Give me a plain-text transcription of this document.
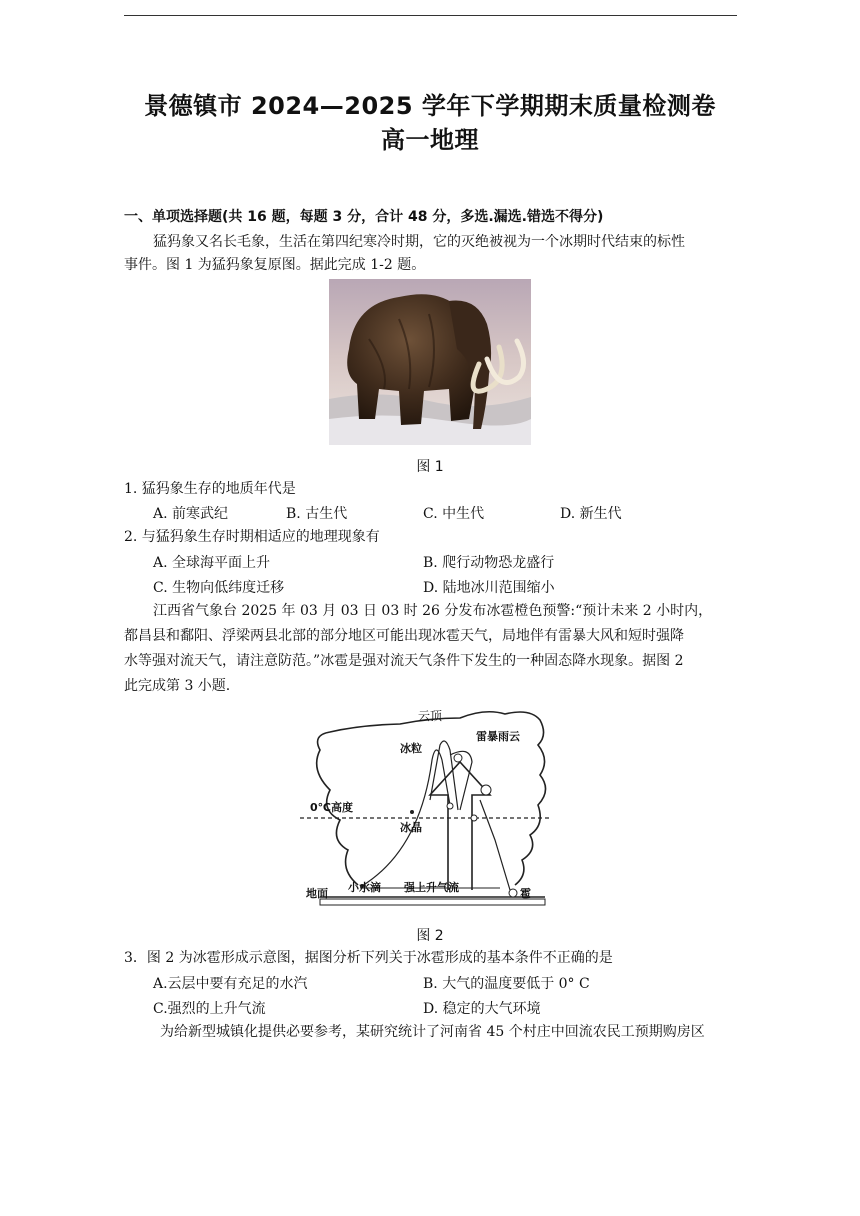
景德镇市 2024—2025 学年下学期期末质量检测卷
高一地理
一、单项选择题(共 16 题，每题 3 分，合计 48 分，多选.漏选.错选不得分)
猛犸象又名长毛象，生活在第四纪寒冷时期，它的灭绝被视为一个冰期时代结束的标性
事件。图 1 为猛犸象复原图。据此完成 1-2 题。
图 1
1. 猛犸象生存的地质年代是
A. 前寒武纪	B. 古生代	C. 中生代	D. 新生代
2. 与猛犸象生存时期相适应的地理现象有
A. 全球海平面上升	B. 爬行动物恐龙盛行
C. 生物向低纬度迁移	D. 陆地冰川范围缩小
江西省气象台 2025 年 03 月 03 日 03 时 26 分发布冰雹橙色预警:“预计未来 2 小时内，
都昌县和鄱阳、浮梁两县北部的部分地区可能出现冰雹天气，局地伴有雷暴大风和短时强降
水等强对流天气，请注意防范。”冰雹是强对流天气条件下发生的一种固态降水现象。据图 2
此完成第 3 小题.
云顶
雷暴雨云
冰粒
0℃高度
冰晶
地面 小水滴 强上升气流	雹
图 2
3．图 2 为冰雹形成示意图，据图分析下列关于冰雹形成的基本条件不正确的是
A.云层中要有充足的水汽	B. 大气的温度要低于 0° C
C.强烈的上升气流	D. 稳定的大气环境
为给新型城镇化提供必要参考，某研究统计了河南省 45 个村庄中回流农民工预期购房区
